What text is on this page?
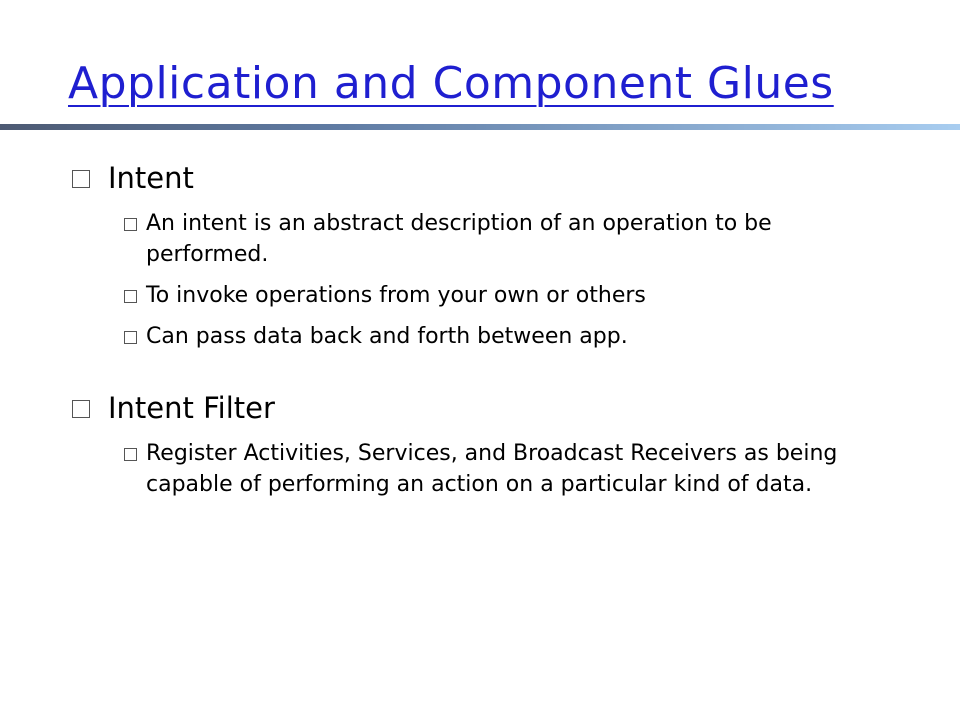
Application and Component Glues
Intent
An intent is an abstract description of an operation to be performed.
To invoke operations from your own or others
Can pass data back and forth between app.
Intent Filter
Register Activities, Services, and Broadcast Receivers as being capable of performing an action on a particular kind of data.
